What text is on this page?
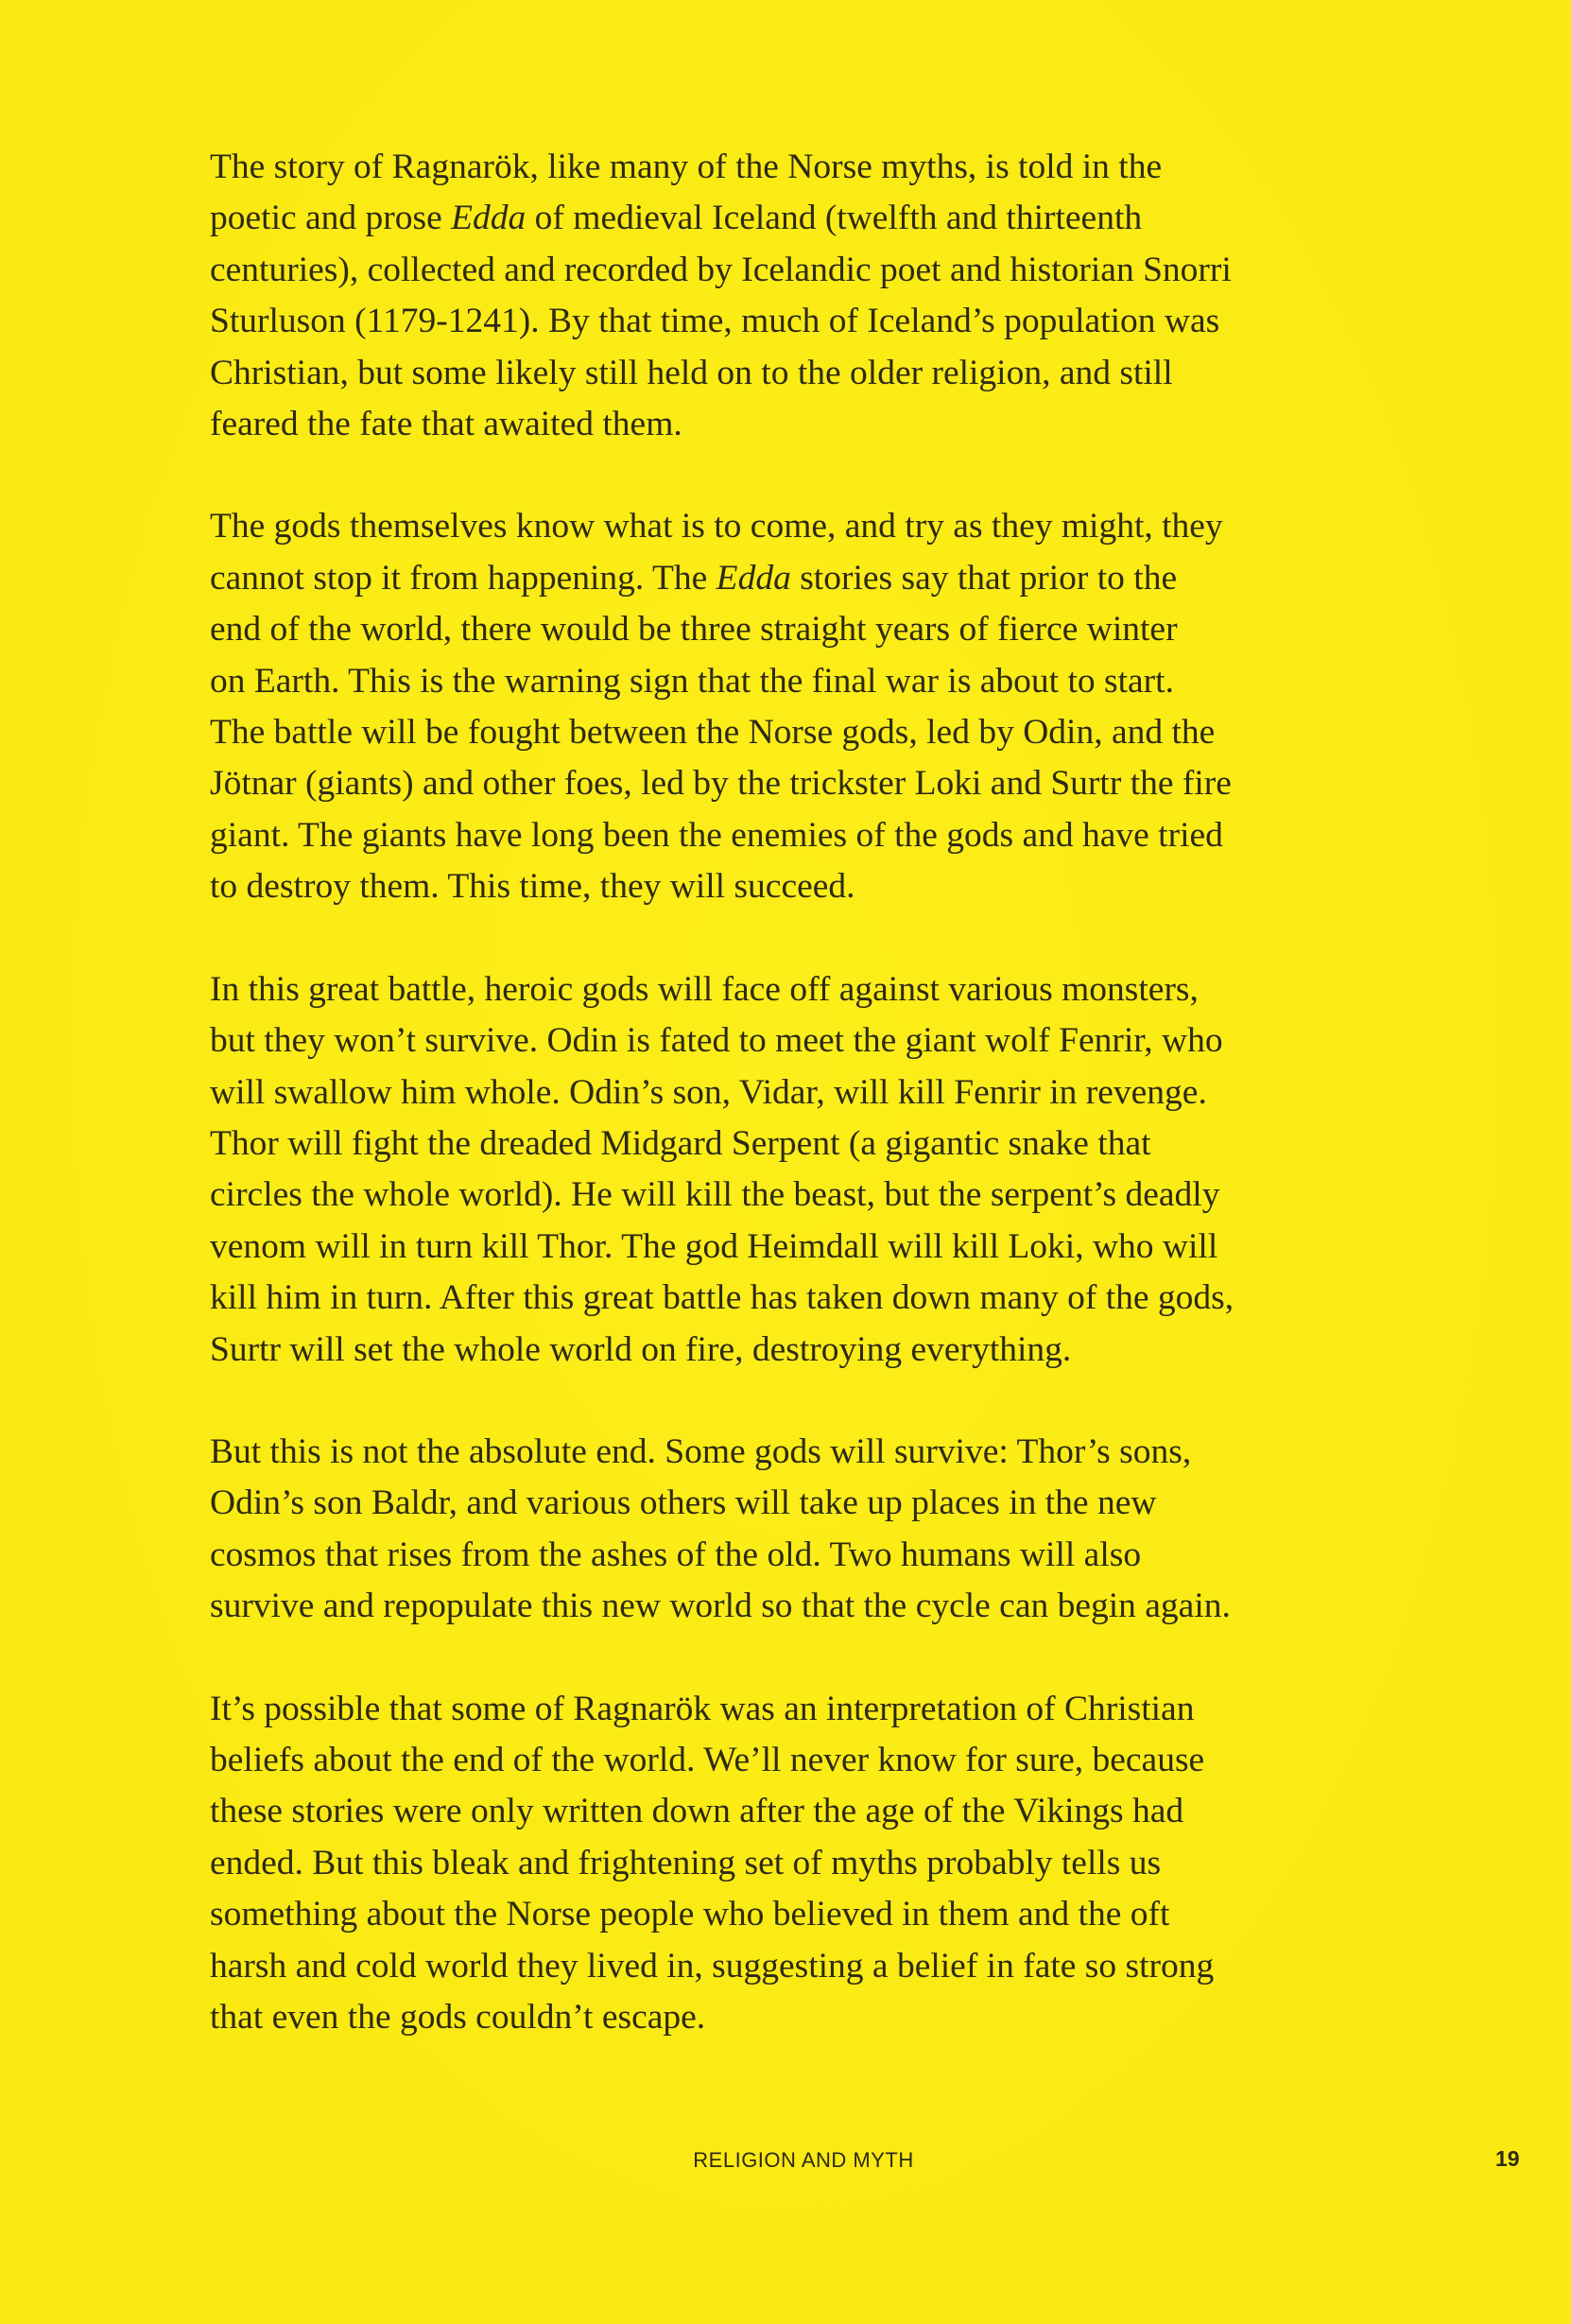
The story of Ragnarök, like many of the Norse myths, is told in the
poetic and prose Edda of medieval Iceland (twelfth and thirteenth
centuries), collected and recorded by Icelandic poet and historian Snorri
Sturluson (1179-1241). By that time, much of Iceland’s population was
Christian, but some likely still held on to the older religion, and still
feared the fate that awaited them.

The gods themselves know what is to come, and try as they might, they
cannot stop it from happening. The Edda stories say that prior to the
end of the world, there would be three straight years of fierce winter
on Earth. This is the warning sign that the final war is about to start.
The battle will be fought between the Norse gods, led by Odin, and the
Jötnar (giants) and other foes, led by the trickster Loki and Surtr the fire
giant. The giants have long been the enemies of the gods and have tried
to destroy them. This time, they will succeed.

In this great battle, heroic gods will face off against various monsters,
but they won’t survive. Odin is fated to meet the giant wolf Fenrir, who
will swallow him whole. Odin’s son, Vidar, will kill Fenrir in revenge.
Thor will fight the dreaded Midgard Serpent (a gigantic snake that
circles the whole world). He will kill the beast, but the serpent’s deadly
venom will in turn kill Thor. The god Heimdall will kill Loki, who will
kill him in turn. After this great battle has taken down many of the gods,
Surtr will set the whole world on fire, destroying everything.

But this is not the absolute end. Some gods will survive: Thor’s sons,
Odin’s son Baldr, and various others will take up places in the new
cosmos that rises from the ashes of the old. Two humans will also
survive and repopulate this new world so that the cycle can begin again.

It’s possible that some of Ragnarök was an interpretation of Christian
beliefs about the end of the world. We’ll never know for sure, because
these stories were only written down after the age of the Vikings had
ended. But this bleak and frightening set of myths probably tells us
something about the Norse people who believed in them and the oft
harsh and cold world they lived in, suggesting a belief in fate so strong
that even the gods couldn’t escape.

RELIGION AND MYTH	19
